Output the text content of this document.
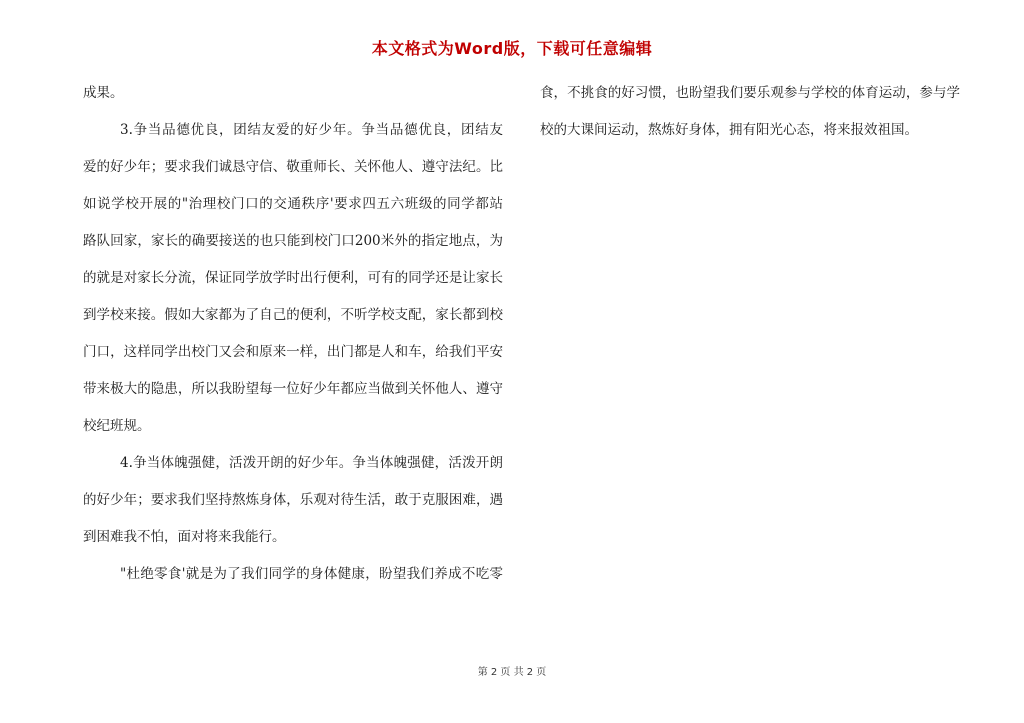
本文格式为Word版，下载可任意编辑
成果。
3.争当品德优良，团结友爱的好少年。争当品德优良，团结友
爱的好少年；要求我们诚恳守信、敬重师长、关怀他人、遵守法纪。比
如说学校开展的"治理校门口的交通秩序'要求四五六班级的同学都站
路队回家，家长的确要接送的也只能到校门口200米外的指定地点，为
的就是对家长分流，保证同学放学时出行便利，可有的同学还是让家长
到学校来接。假如大家都为了自己的便利，不听学校支配，家长都到校
门口，这样同学出校门又会和原来一样，出门都是人和车，给我们平安
带来极大的隐患，所以我盼望每一位好少年都应当做到关怀他人、遵守
校纪班规。
4.争当体魄强健，活泼开朗的好少年。争当体魄强健，活泼开朗
的好少年；要求我们坚持熬炼身体，乐观对待生活，敢于克服困难，遇
到困难我不怕，面对将来我能行。
"杜绝零食'就是为了我们同学的身体健康，盼望我们养成不吃零
食，不挑食的好习惯，也盼望我们要乐观参与学校的体育运动，参与学
校的大课间运动，熬炼好身体，拥有阳光心态，将来报效祖国。
第 2 页 共 2 页
